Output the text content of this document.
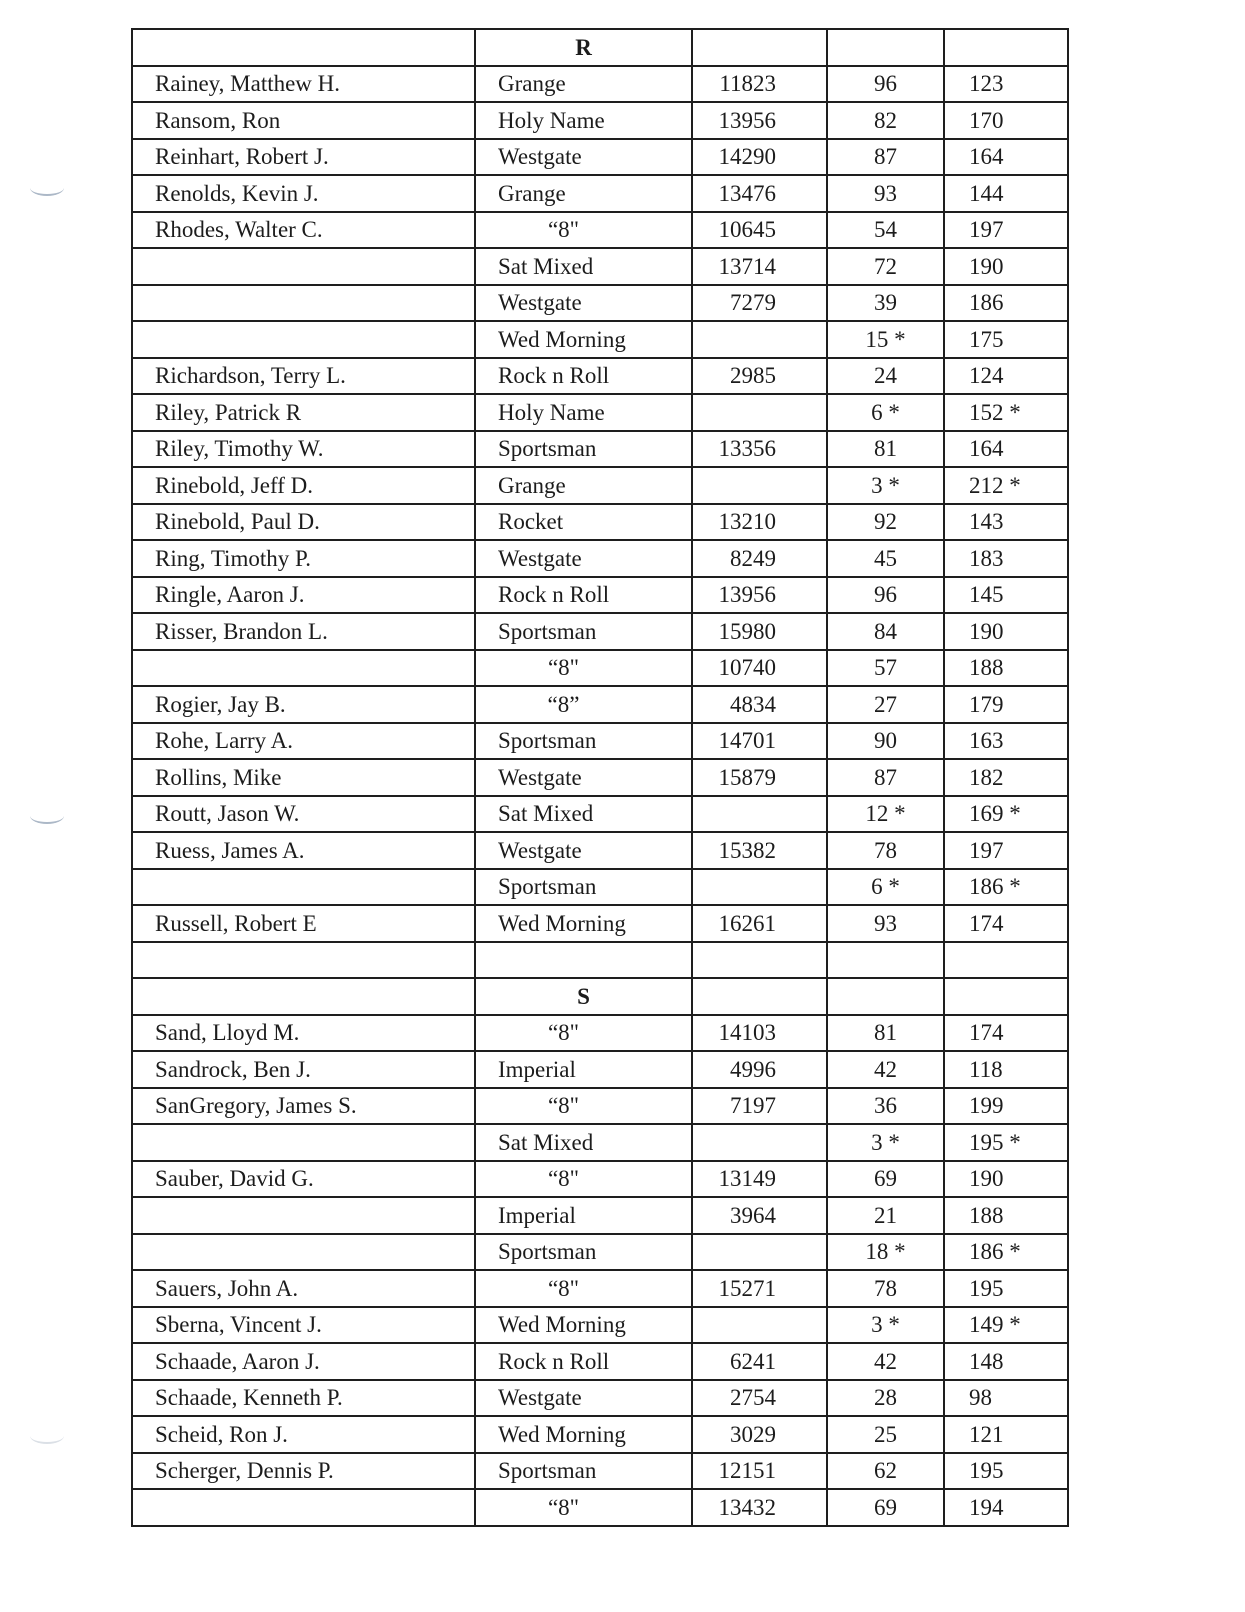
	R			
Rainey, Matthew H.	Grange	11823	96	123
Ransom, Ron	Holy Name	13956	82	170
Reinhart, Robert J.	Westgate	14290	87	164
Renolds, Kevin J.	Grange	13476	93	144
Rhodes, Walter C.	“8"	10645	54	197
	Sat Mixed	13714	72	190
	Westgate	7279	39	186
	Wed Morning		15 *	175
Richardson, Terry L.	Rock n Roll	2985	24	124
Riley, Patrick R	Holy Name		6 *	152 *
Riley, Timothy W.	Sportsman	13356	81	164
Rinebold, Jeff D.	Grange		3 *	212 *
Rinebold, Paul D.	Rocket	13210	92	143
Ring, Timothy P.	Westgate	8249	45	183
Ringle, Aaron J.	Rock n Roll	13956	96	145
Risser, Brandon L.	Sportsman	15980	84	190
	“8"	10740	57	188
Rogier, Jay B.	“8”	4834	27	179
Rohe, Larry A.	Sportsman	14701	90	163
Rollins, Mike	Westgate	15879	87	182
Routt, Jason W.	Sat Mixed		12 *	169 *
Ruess, James A.	Westgate	15382	78	197
	Sportsman		6 *	186 *
Russell, Robert E	Wed Morning	16261	93	174

	S			
Sand, Lloyd M.	“8"	14103	81	174
Sandrock, Ben J.	Imperial	4996	42	118
SanGregory, James S.	“8"	7197	36	199
	Sat Mixed		3 *	195 *
Sauber, David G.	“8"	13149	69	190
	Imperial	3964	21	188
	Sportsman		18 *	186 *
Sauers, John A.	“8"	15271	78	195
Sberna, Vincent J.	Wed Morning		3 *	149 *
Schaade, Aaron J.	Rock n Roll	6241	42	148
Schaade, Kenneth P.	Westgate	2754	28	98
Scheid, Ron J.	Wed Morning	3029	25	121
Scherger, Dennis P.	Sportsman	12151	62	195
	“8"	13432	69	194
